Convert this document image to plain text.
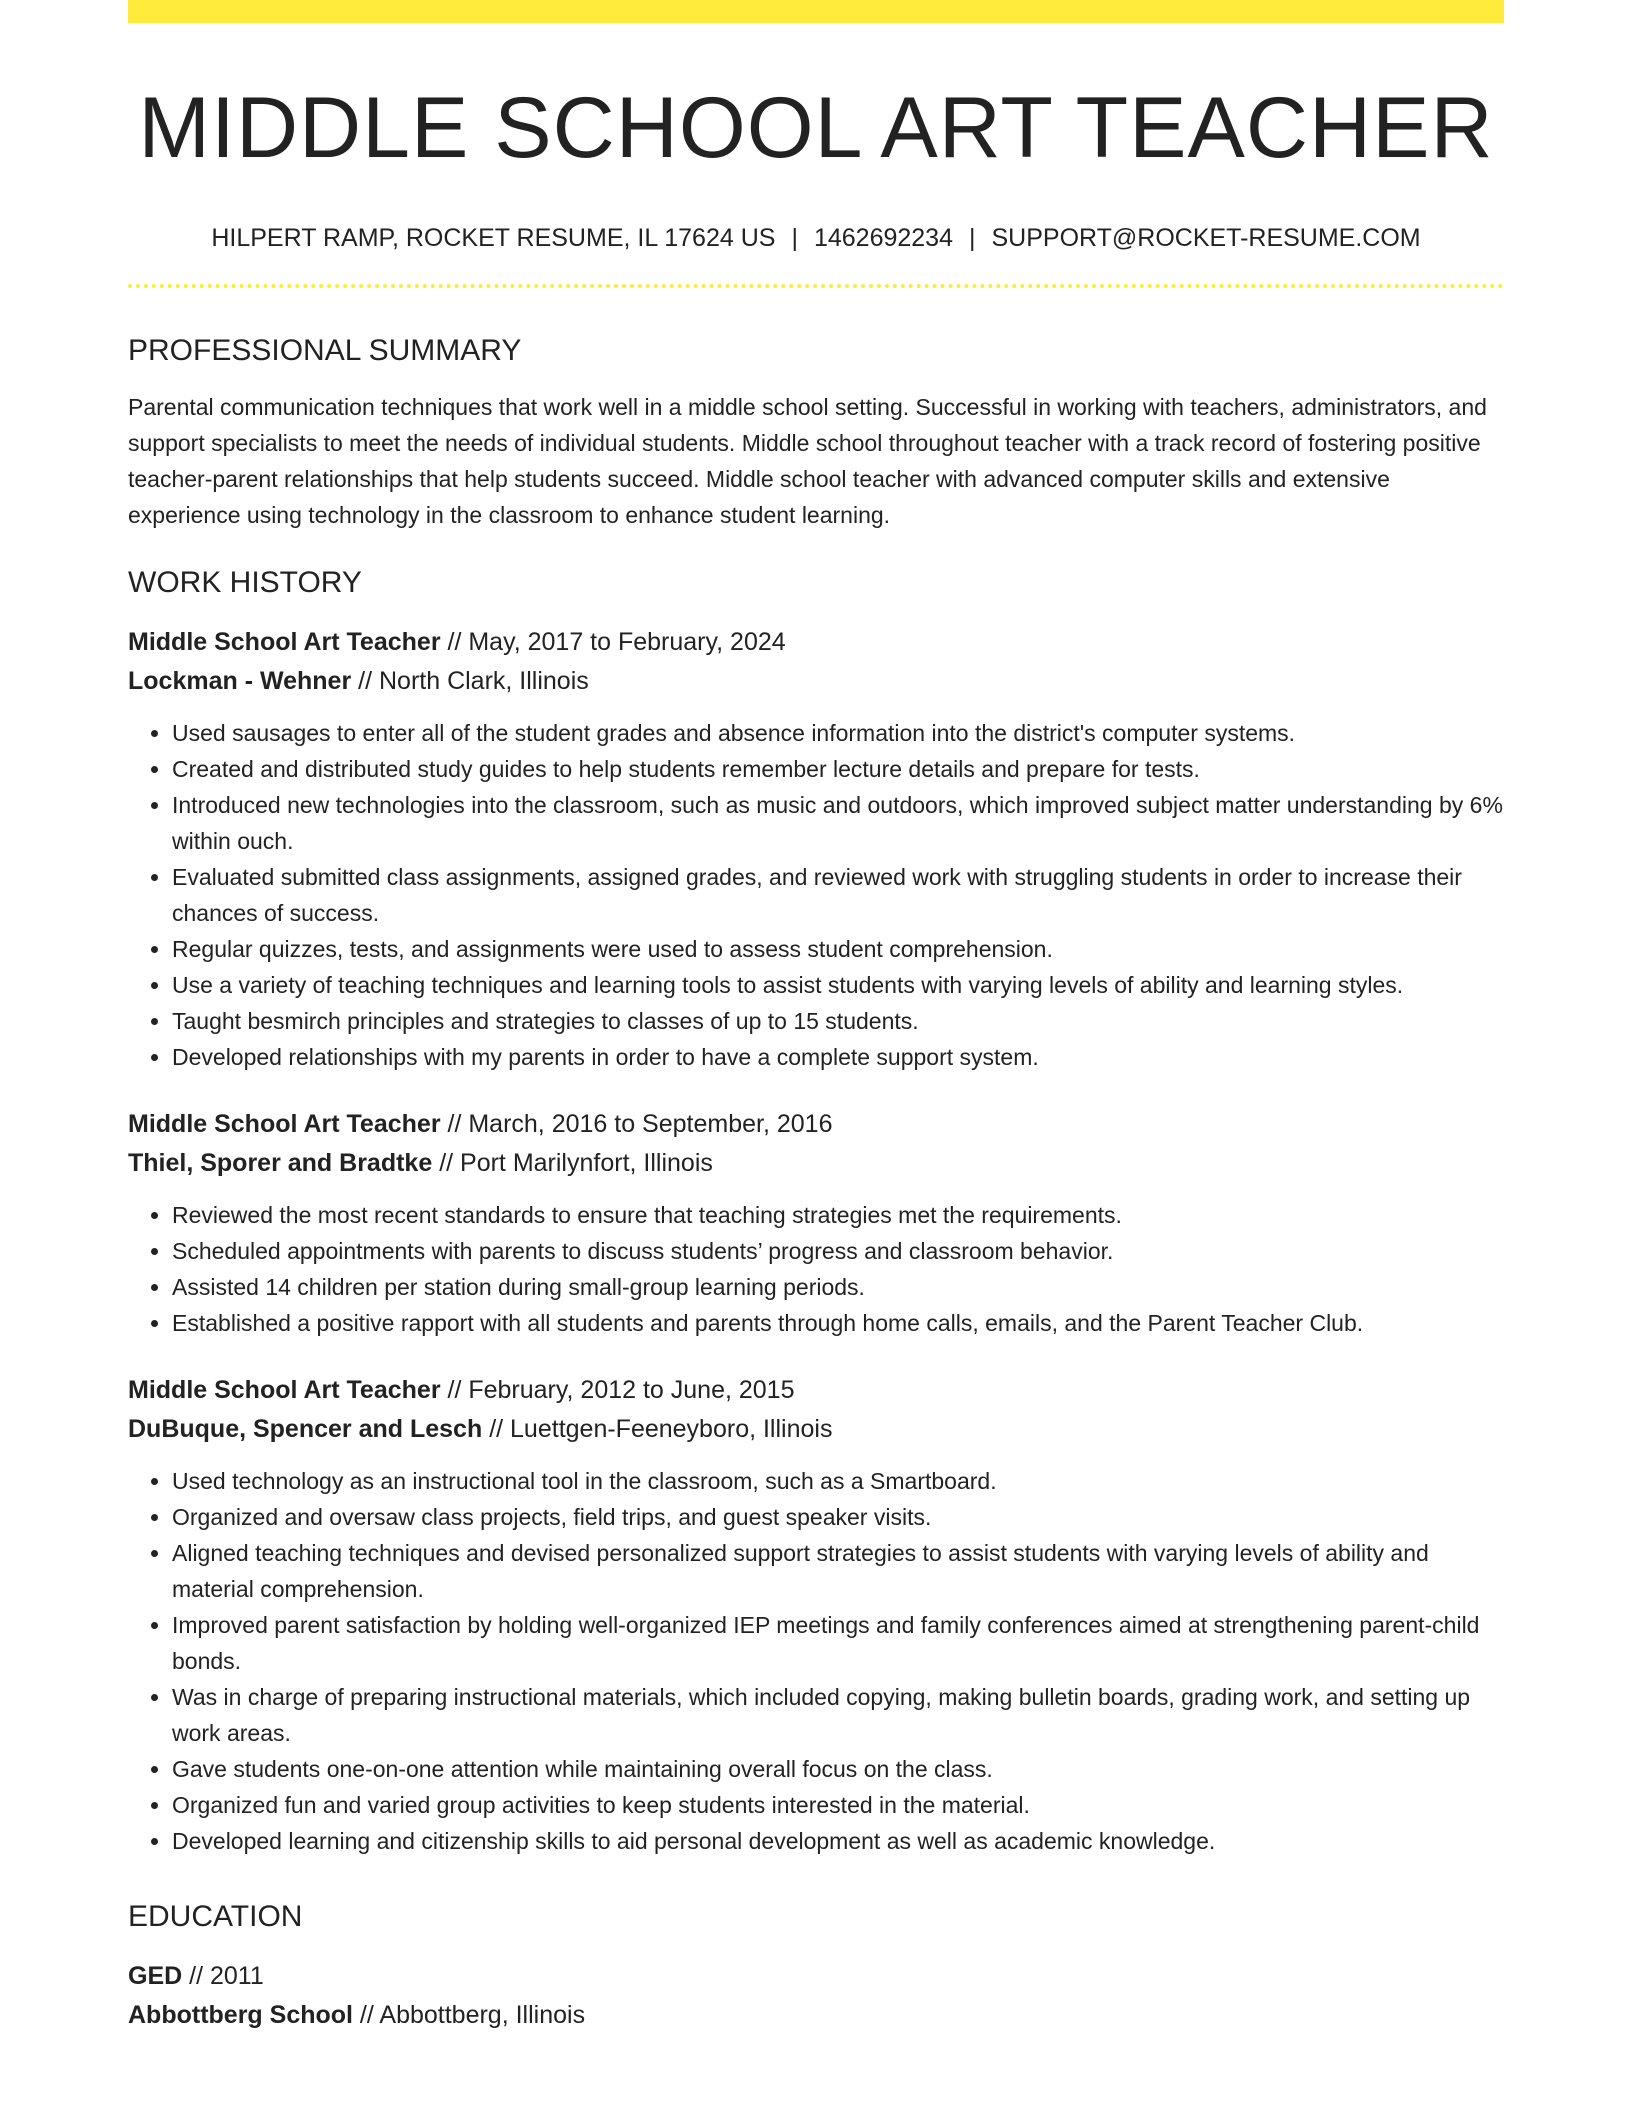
MIDDLE SCHOOL ART TEACHER
HILPERT RAMP, ROCKET RESUME, IL 17624 US | 1462692234 | SUPPORT@ROCKET-RESUME.COM
PROFESSIONAL SUMMARY
Parental communication techniques that work well in a middle school setting. Successful in working with teachers, administrators, and support specialists to meet the needs of individual students. Middle school throughout teacher with a track record of fostering positive teacher-parent relationships that help students succeed. Middle school teacher with advanced computer skills and extensive experience using technology in the classroom to enhance student learning.
WORK HISTORY
Middle School Art Teacher // May, 2017 to February, 2024
Lockman - Wehner // North Clark, Illinois
• Used sausages to enter all of the student grades and absence information into the district's computer systems.
• Created and distributed study guides to help students remember lecture details and prepare for tests.
• Introduced new technologies into the classroom, such as music and outdoors, which improved subject matter understanding by 6% within ouch.
• Evaluated submitted class assignments, assigned grades, and reviewed work with struggling students in order to increase their chances of success.
• Regular quizzes, tests, and assignments were used to assess student comprehension.
• Use a variety of teaching techniques and learning tools to assist students with varying levels of ability and learning styles.
• Taught besmirch principles and strategies to classes of up to 15 students.
• Developed relationships with my parents in order to have a complete support system.
Middle School Art Teacher // March, 2016 to September, 2016
Thiel, Sporer and Bradtke // Port Marilynfort, Illinois
• Reviewed the most recent standards to ensure that teaching strategies met the requirements.
• Scheduled appointments with parents to discuss students’ progress and classroom behavior.
• Assisted 14 children per station during small-group learning periods.
• Established a positive rapport with all students and parents through home calls, emails, and the Parent Teacher Club.
Middle School Art Teacher // February, 2012 to June, 2015
DuBuque, Spencer and Lesch // Luettgen-Feeneyboro, Illinois
• Used technology as an instructional tool in the classroom, such as a Smartboard.
• Organized and oversaw class projects, field trips, and guest speaker visits.
• Aligned teaching techniques and devised personalized support strategies to assist students with varying levels of ability and material comprehension.
• Improved parent satisfaction by holding well-organized IEP meetings and family conferences aimed at strengthening parent-child bonds.
• Was in charge of preparing instructional materials, which included copying, making bulletin boards, grading work, and setting up work areas.
• Gave students one-on-one attention while maintaining overall focus on the class.
• Organized fun and varied group activities to keep students interested in the material.
• Developed learning and citizenship skills to aid personal development as well as academic knowledge.
EDUCATION
GED // 2011
Abbottberg School // Abbottberg, Illinois
